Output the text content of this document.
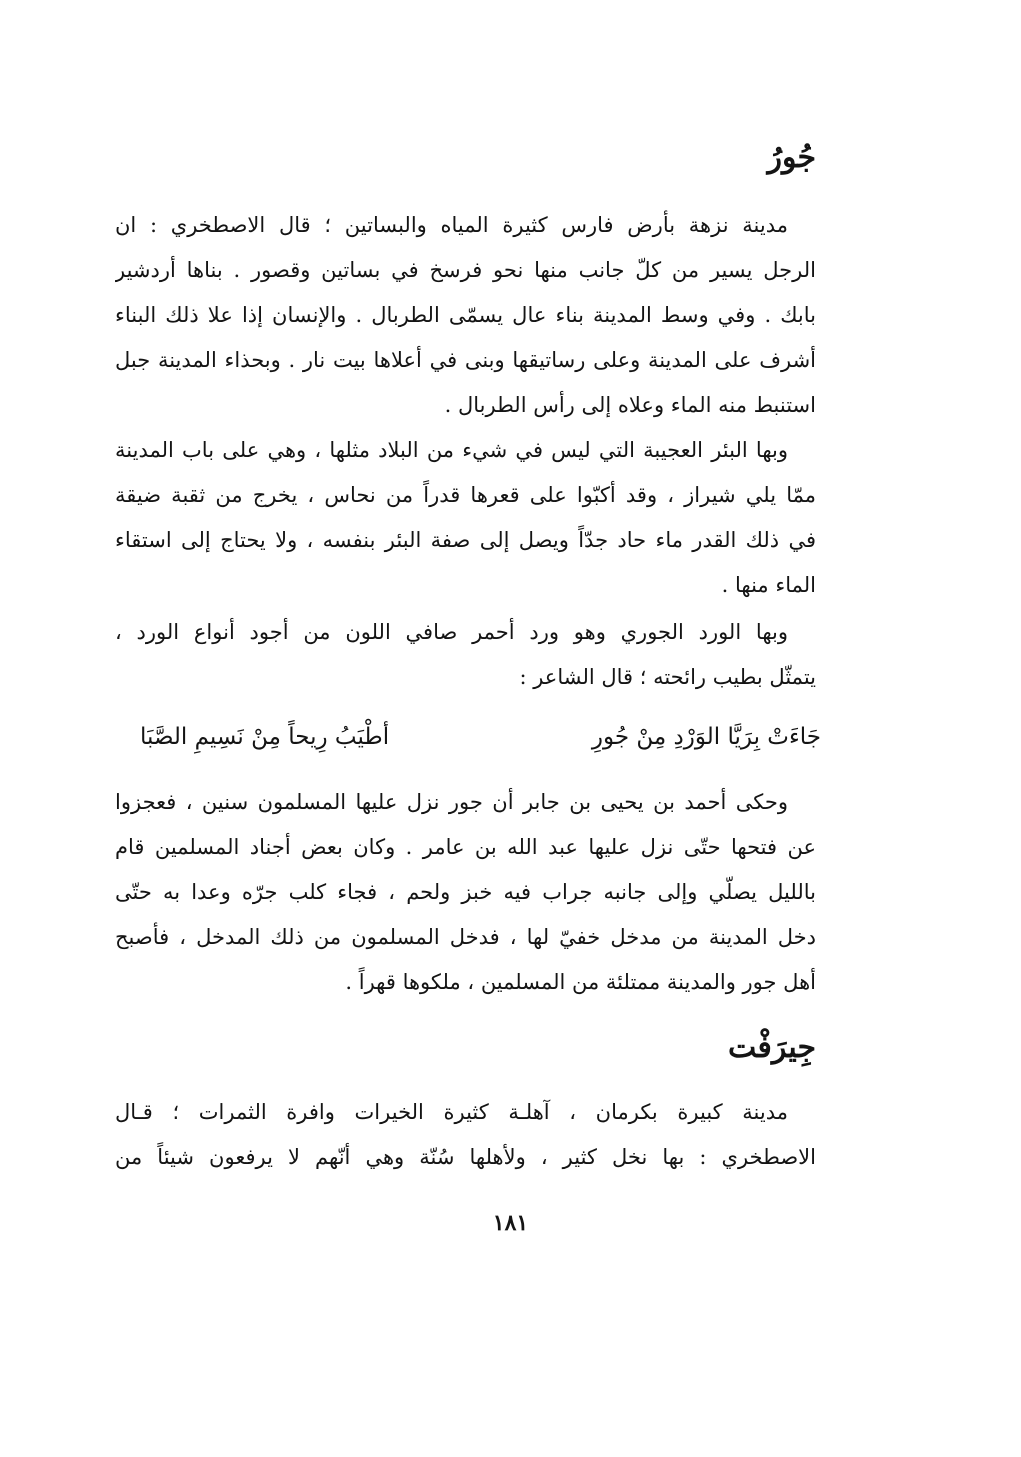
جُورُ
مدينة نزهة بأرض فارس كثيرة المياه والبساتين ؛ قال الاصطخري : ان
الرجل يسير من كلّ جانب منها نحو فرسخ في بساتين وقصور . بناها أردشير
بابك . وفي وسط المدينة بناء عال يسمّى الطربال . والإنسان إذا علا ذلك البناء
أشرف على المدينة وعلى رساتيقها وبنى في أعلاها بيت نار . وبحذاء المدينة جبل
استنبط منه الماء وعلاه إلى رأس الطربال .
وبها البئر العجيبة التي ليس في شيء من البلاد مثلها ، وهي على باب المدينة
ممّا يلي شيراز ، وقد أكبّوا على قعرها قدراً من نحاس ، يخرج من ثقبة ضيقة
في ذلك القدر ماء حاد جدّاً ويصل إلى صفة البئر بنفسه ، ولا يحتاج إلى استقاء
الماء منها .
وبها الورد الجوري وهو ورد أحمر صافي اللون من أجود أنواع الورد ،
يتمثّل بطيب رائحته ؛ قال الشاعر :
أطْيَبُ رِيحاً مِنْ نَسِيمِ الصَّبَا	جَاءَتْ بِرَيَّا الوَرْدِ مِنْ جُورِ
وحكى أحمد بن يحيى بن جابر أن جور نزل عليها المسلمون سنين ، فعجزوا
عن فتحها حتّى نزل عليها عبد الله بن عامر . وكان بعض أجناد المسلمين قام
بالليل يصلّي وإلى جانبه جراب فيه خبز ولحم ، فجاء كلب جرّه وعدا به حتّى
دخل المدينة من مدخل خفيّ لها ، فدخل المسلمون من ذلك المدخل ، فأصبح
أهل جور والمدينة ممتلئة من المسلمين ، ملكوها قهراً .
جِيرَفْت
مدينة كبيرة بكرمان ، آهلـة كثيرة الخيرات وافرة الثمرات ؛ قـال
الاصطخري : بها نخل كثير ، ولأهلها سُنّة وهي أنّهم لا يرفعون شيئاً من
١٨١
